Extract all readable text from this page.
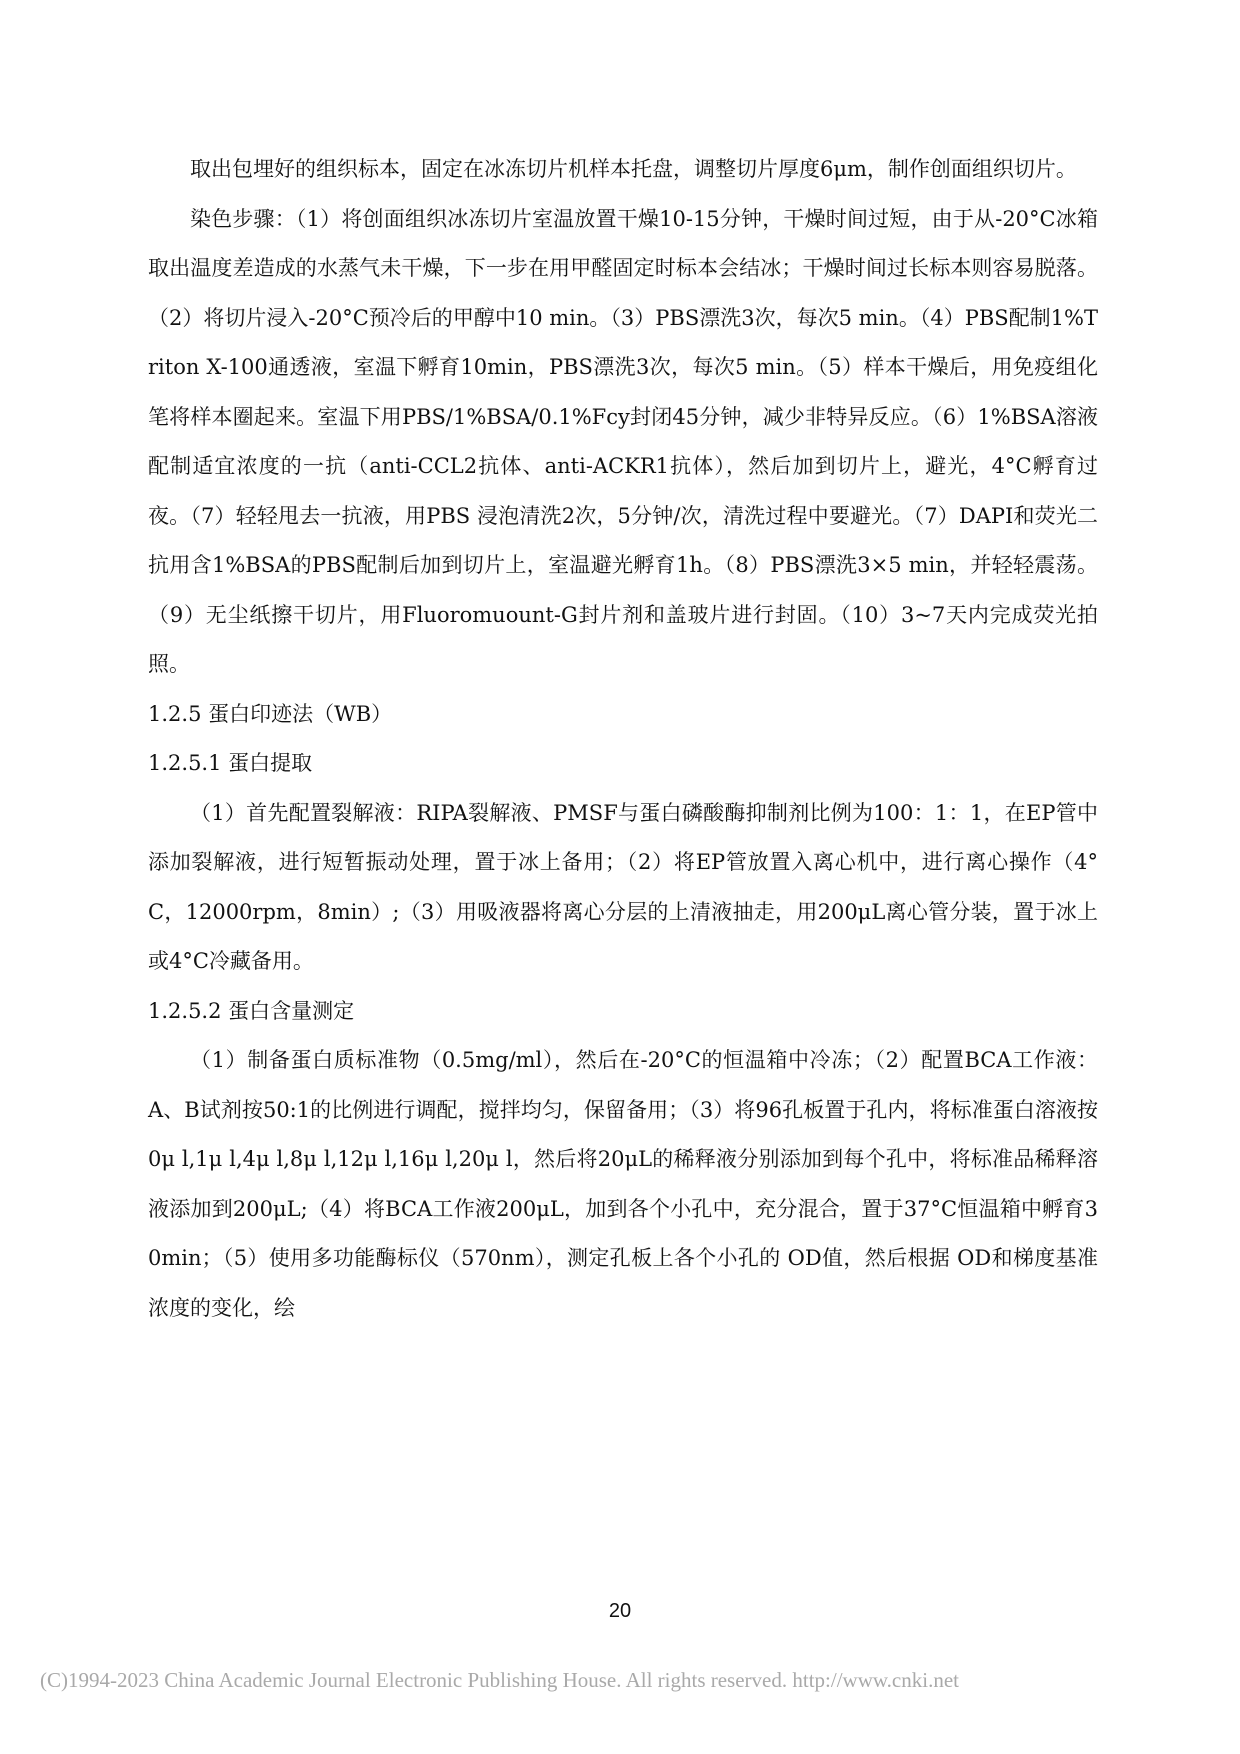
取出包埋好的组织标本，固定在冰冻切片机样本托盘，调整切片厚度6μm，制作创面组织切片。

染色步骤：（1）将创面组织冰冻切片室温放置干燥10-15分钟，干燥时间过短，由于从-20°C冰箱取出温度差造成的水蒸气未干燥，下一步在用甲醛固定时标本会结冰；干燥时间过长标本则容易脱落。（2）将切片浸入-20°C预冷后的甲醇中10 min。（3）PBS漂洗3次，每次5 min。（4）PBS配制1%Triton X-100通透液，室温下孵育10min，PBS漂洗3次，每次5 min。（5）样本干燥后，用免疫组化笔将样本圈起来。室温下用PBS/1%BSA/0.1%Fcy封闭45分钟，减少非特异反应。（6）1%BSA溶液配制适宜浓度的一抗（anti-CCL2抗体、anti-ACKR1抗体），然后加到切片上，避光，4°C孵育过夜。（7）轻轻甩去一抗液，用PBS 浸泡清洗2次，5分钟/次，清洗过程中要避光。（7）DAPI和荧光二抗用含1%BSA的PBS配制后加到切片上，室温避光孵育1h。（8）PBS漂洗3×5 min，并轻轻震荡。（9）无尘纸擦干切片，用Fluoromuount-G封片剂和盖玻片进行封固。（10）3~7天内完成荧光拍照。

1.2.5 蛋白印迹法（WB）

1.2.5.1 蛋白提取

（1）首先配置裂解液：RIPA裂解液、PMSF与蛋白磷酸酶抑制剂比例为100：1：1，在EP管中添加裂解液，进行短暂振动处理，置于冰上备用；（2）将EP管放置入离心机中，进行离心操作（4°C，12000rpm，8min）;（3）用吸液器将离心分层的上清液抽走，用200μL离心管分装，置于冰上或4°C冷藏备用。

1.2.5.2 蛋白含量测定

（1）制备蛋白质标准物（0.5mg/ml），然后在-20°C的恒温箱中冷冻；（2）配置BCA工作液：A、B试剂按50:1的比例进行调配，搅拌均匀，保留备用；（3）将96孔板置于孔内，将标准蛋白溶液按0μ l,1μ l,4μ l,8μ l,12μ l,16μ l,20μ l，然后将20μL的稀释液分别添加到每个孔中，将标准品稀释溶液添加到200μL;（4）将BCA工作液200μL，加到各个小孔中，充分混合，置于37°C恒温箱中孵育30min；（5）使用多功能酶标仪（570nm），测定孔板上各个小孔的 OD值，然后根据 OD和梯度基准浓度的变化，绘

20
(C)1994-2023 China Academic Journal Electronic Publishing House. All rights reserved. http://www.cnki.net
